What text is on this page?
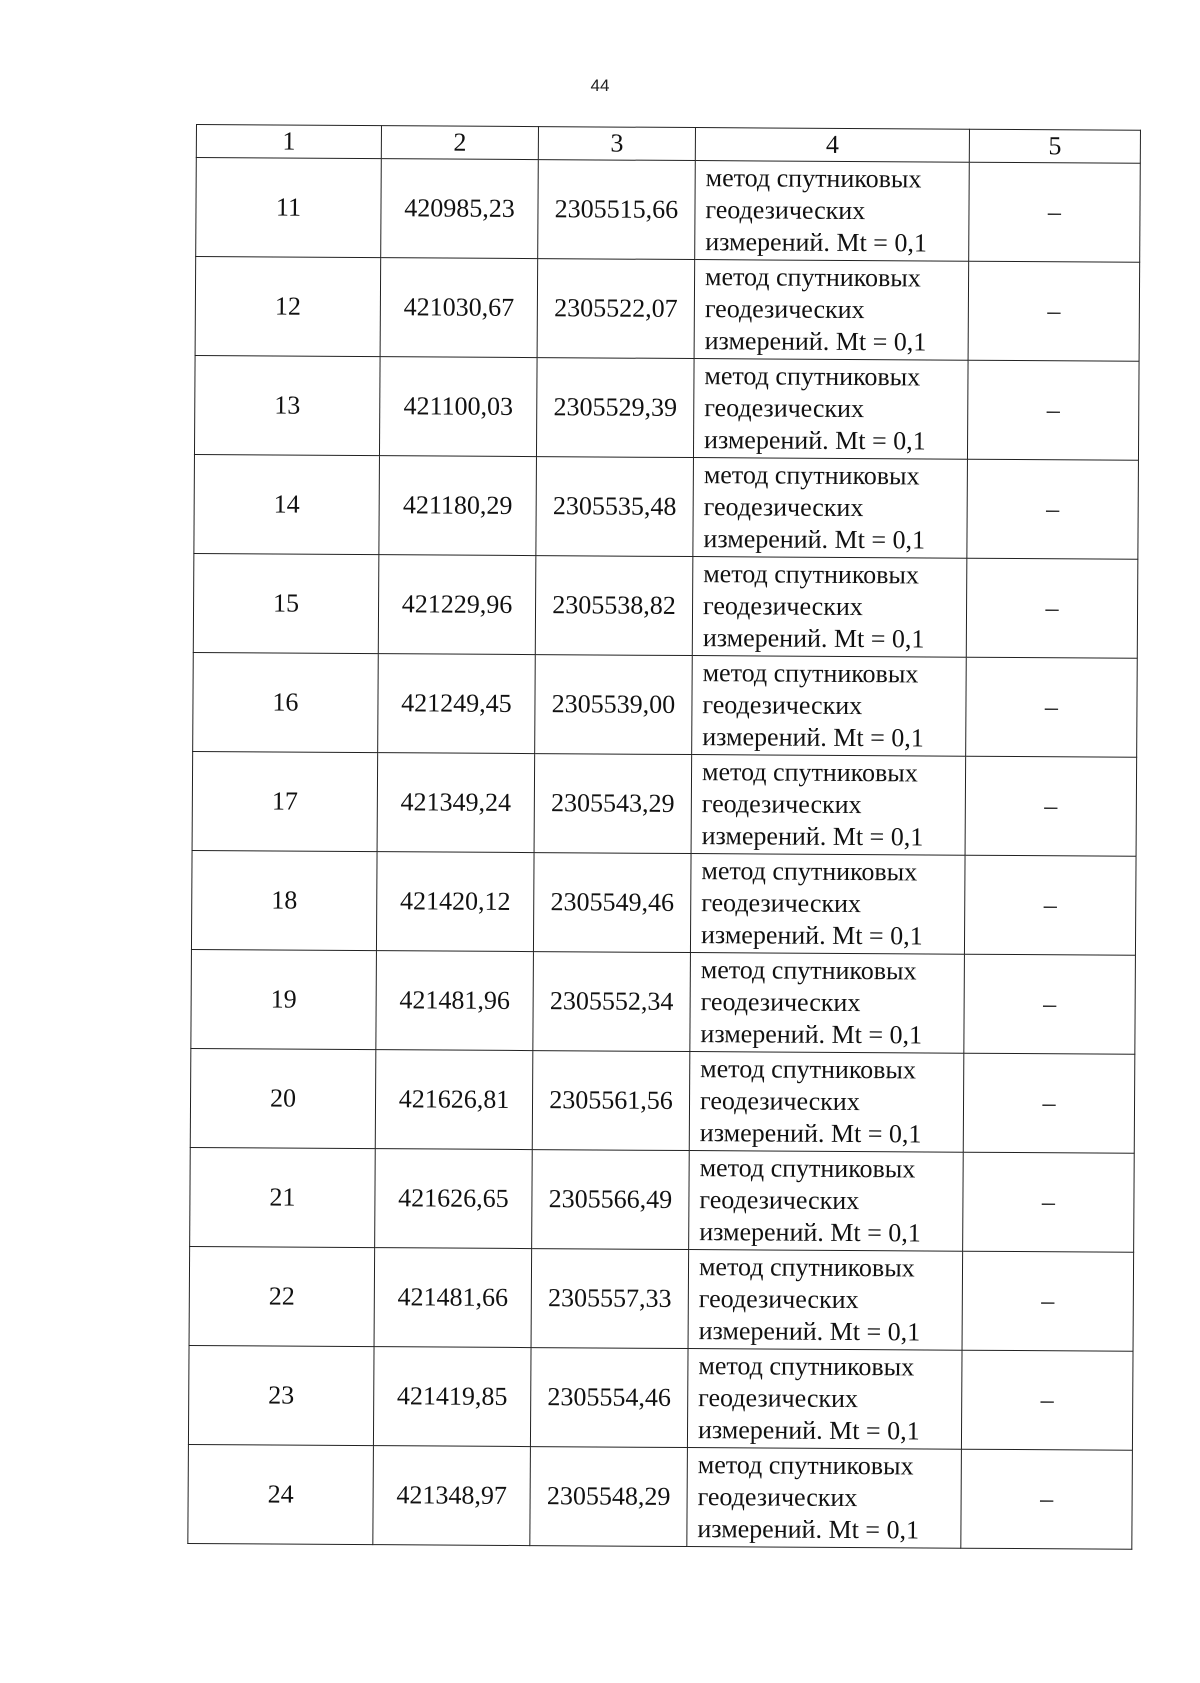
44
1	2	3	4	5
11	420985,23	2305515,66	метод спутниковых
геодезических
измерений. Mt = 0,1	–
12	421030,67	2305522,07	метод спутниковых
геодезических
измерений. Mt = 0,1	–
13	421100,03	2305529,39	метод спутниковых
геодезических
измерений. Mt = 0,1	–
14	421180,29	2305535,48	метод спутниковых
геодезических
измерений. Mt = 0,1	–
15	421229,96	2305538,82	метод спутниковых
геодезических
измерений. Mt = 0,1	–
16	421249,45	2305539,00	метод спутниковых
геодезических
измерений. Mt = 0,1	–
17	421349,24	2305543,29	метод спутниковых
геодезических
измерений. Mt = 0,1	–
18	421420,12	2305549,46	метод спутниковых
геодезических
измерений. Mt = 0,1	–
19	421481,96	2305552,34	метод спутниковых
геодезических
измерений. Mt = 0,1	–
20	421626,81	2305561,56	метод спутниковых
геодезических
измерений. Mt = 0,1	–
21	421626,65	2305566,49	метод спутниковых
геодезических
измерений. Mt = 0,1	–
22	421481,66	2305557,33	метод спутниковых
геодезических
измерений. Mt = 0,1	–
23	421419,85	2305554,46	метод спутниковых
геодезических
измерений. Mt = 0,1	–
24	421348,97	2305548,29	метод спутниковых
геодезических
измерений. Mt = 0,1	–
